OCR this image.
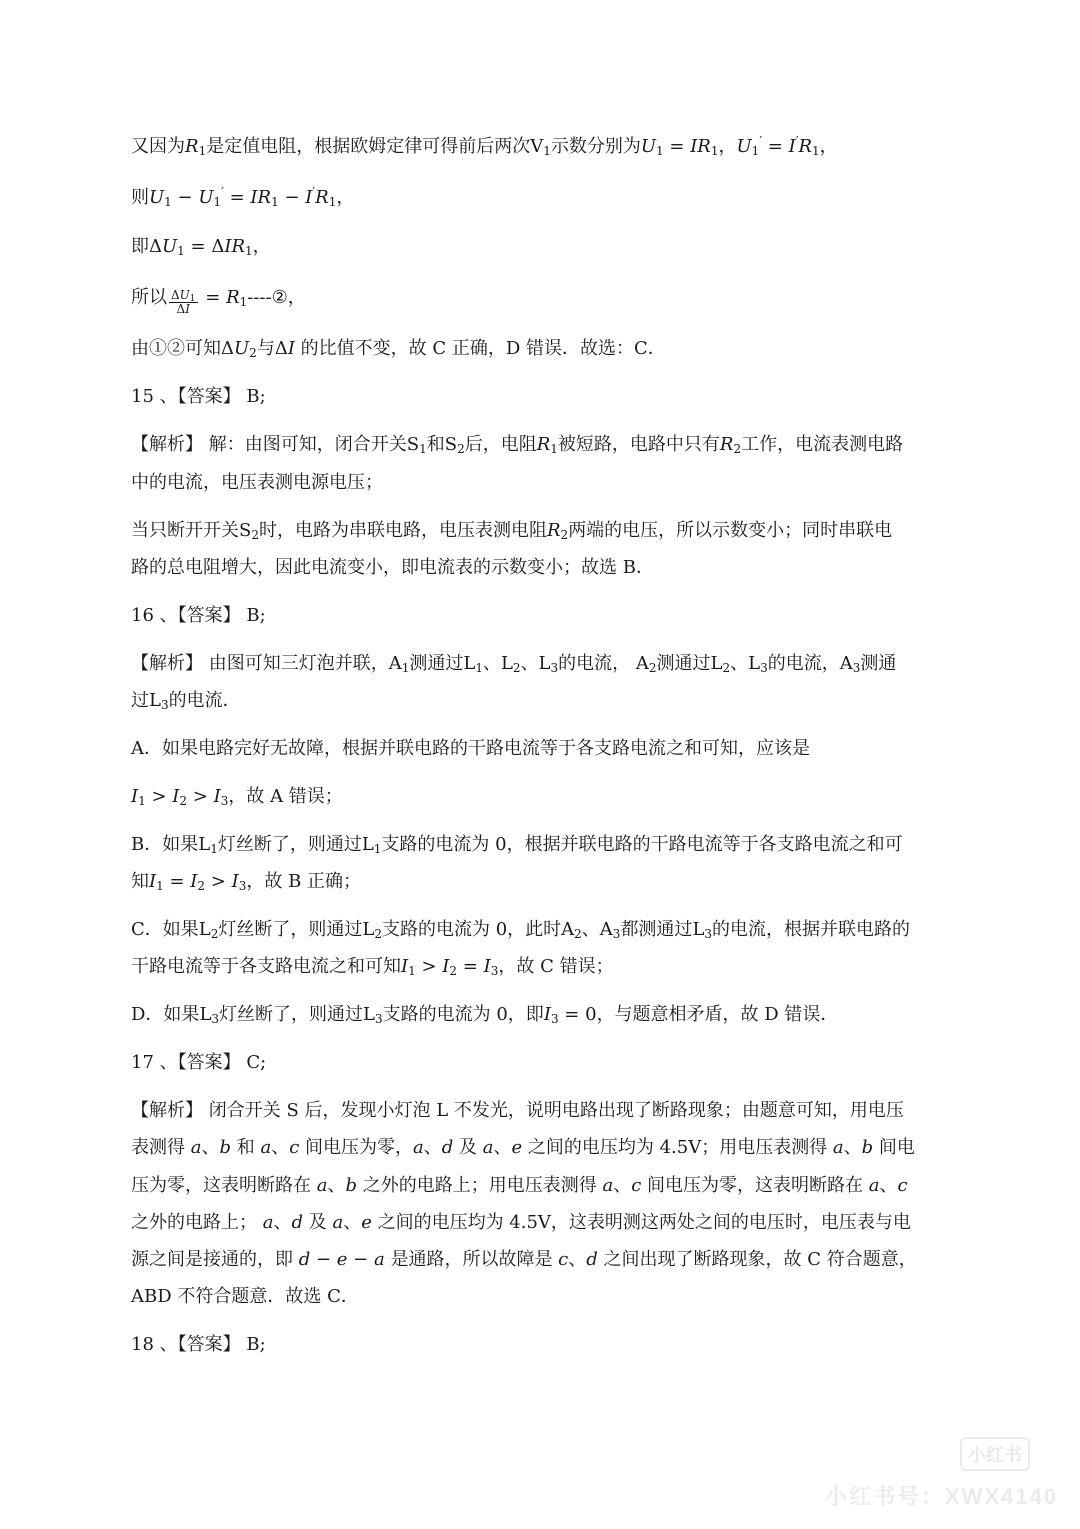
又因为$R_1$是定值电阻，根据欧姆定律可得前后两次$V_1$示数分别为$U_1 = IR_1$，$U_1' = I'R_1$，
则$U_1 - U_1' = IR_1 - I'R_1$，
即$\Delta U_1 = \Delta IR_1$，
所以 $\frac{\Delta U_1}{\Delta I}$ = $R_1----②$，
由①②可知$\Delta U_2$与ΔI 的比值不变，故 C 正确，D 错误．故选：C．
15 、【答案】 B;
【解析】 解：由图可知，闭合开关$S_1$和$S_2$后，电阻$R_1$被短路，电路中只有$R_2$工作，电流表测电路
中的电流，电压表测电源电压；
当只断开开关$S_2$时，电路为串联电路，电压表测电阻$R_2$两端的电压，所以示数变小；同时串联电
路的总电阻增大，因此电流变小，即电流表的示数变小；故选 B．
16 、【答案】 B;
【解析】 由图可知三灯泡并联，$A_1$测通过$L_1$、$L_2$、$L_3$的电流， $A_2$测通过$L_2$、$L_3$的电流，$A_3$测通
过$L_3$的电流．
A．如果电路完好无故障，根据并联电路的干路电流等于各支路电流之和可知，应该是
$I_1 > I_2 > I_3$，故 A 错误；
B．如果$L_1$灯丝断了，则通过$L_1$支路的电流为 0，根据并联电路的干路电流等于各支路电流之和可
知$I_1 = I_2 > I_3$，故 B 正确；
C．如果$L_2$灯丝断了，则通过$L_2$支路的电流为 0，此时$A_2$、$A_3$都测通过$L_3$的电流，根据并联电路的
干路电流等于各支路电流之和可知$I_1 > I_2 = I_3$，故 C 错误；
D．如果$L_3$灯丝断了，则通过$L_3$支路的电流为 0，即$I_3 = 0$，与题意相矛盾，故 D 错误．
17 、【答案】 C;
【解析】 闭合开关 S 后，发现小灯泡 L 不发光，说明电路出现了断路现象；由题意可知，用电压
表测得 a、b 和 a、c 间电压为零，a、d 及 a、e 之间的电压均为 4.5V；用电压表测得 a、b 间电
压为零，这表明断路在 a、b 之外的电路上；用电压表测得 a、c 间电压为零，这表明断路在 a、c
之外的电路上； a、d 及 a、e 之间的电压均为 4.5V，这表明测这两处之间的电压时，电压表与电
源之间是接通的，即 d − e − a 是通路，所以故障是 c、d 之间出现了断路现象，故 C 符合题意，
ABD 不符合题意．故选 C．
18 、【答案】 B;
小红书
小红书号：XWX4140
